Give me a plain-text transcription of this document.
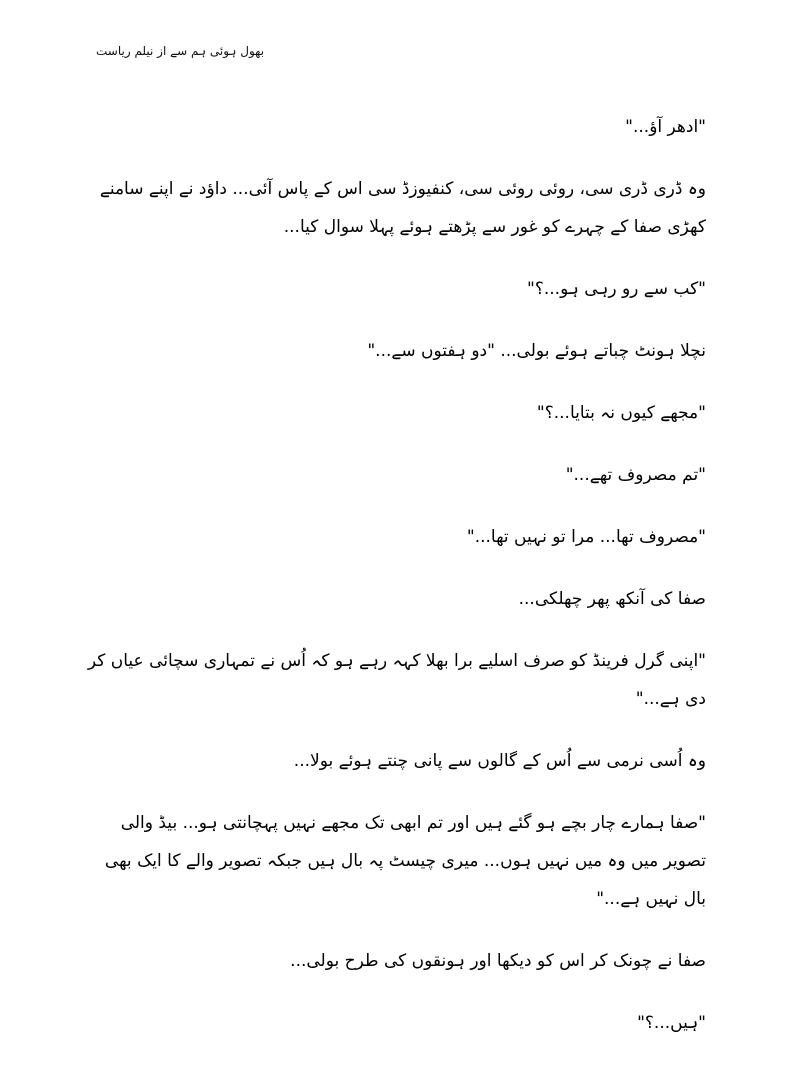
بھول ہوئی ہم سے از نیلم ریاست

"ادھر آؤ..."

وہ ڈری ڈری سی، روئی روئی سی، کنفیوزڈ سی اس کے پاس آئی... داؤد نے اپنے سامنے کھڑی صفا کے چہرے کو غور سے پڑھتے ہوئے پہلا سوال کیا...

"کب سے رو رہی ہو...؟"

نچلا ہونٹ چباتے ہوئے بولی... "دو ہفتوں سے..."

"مجھے کیوں نہ بتایا...؟"

"تم مصروف تھے..."

"مصروف تھا... مرا تو نہیں تھا..."

صفا کی آنکھ پھر چھلکی...

"اپنی گرل فرینڈ کو صرف اسلیے برا بھلا کہہ رہے ہو کہ اُس نے تمہاری سچائی عیاں کر دی ہے..."

وہ اُسی نرمی سے اُس کے گالوں سے پانی چنتے ہوئے بولا...

"صفا ہمارے چار بچے ہو گئے ہیں اور تم ابھی تک مجھے نہیں پہچانتی ہو... بیڈ والی تصویر میں وہ میں نہیں ہوں... میری چیسٹ پہ بال ہیں جبکہ تصویر والے کا ایک بھی بال نہیں ہے..."

صفا نے چونک کر اس کو دیکھا اور ہونقوں کی طرح بولی...

"ہیں...؟"
